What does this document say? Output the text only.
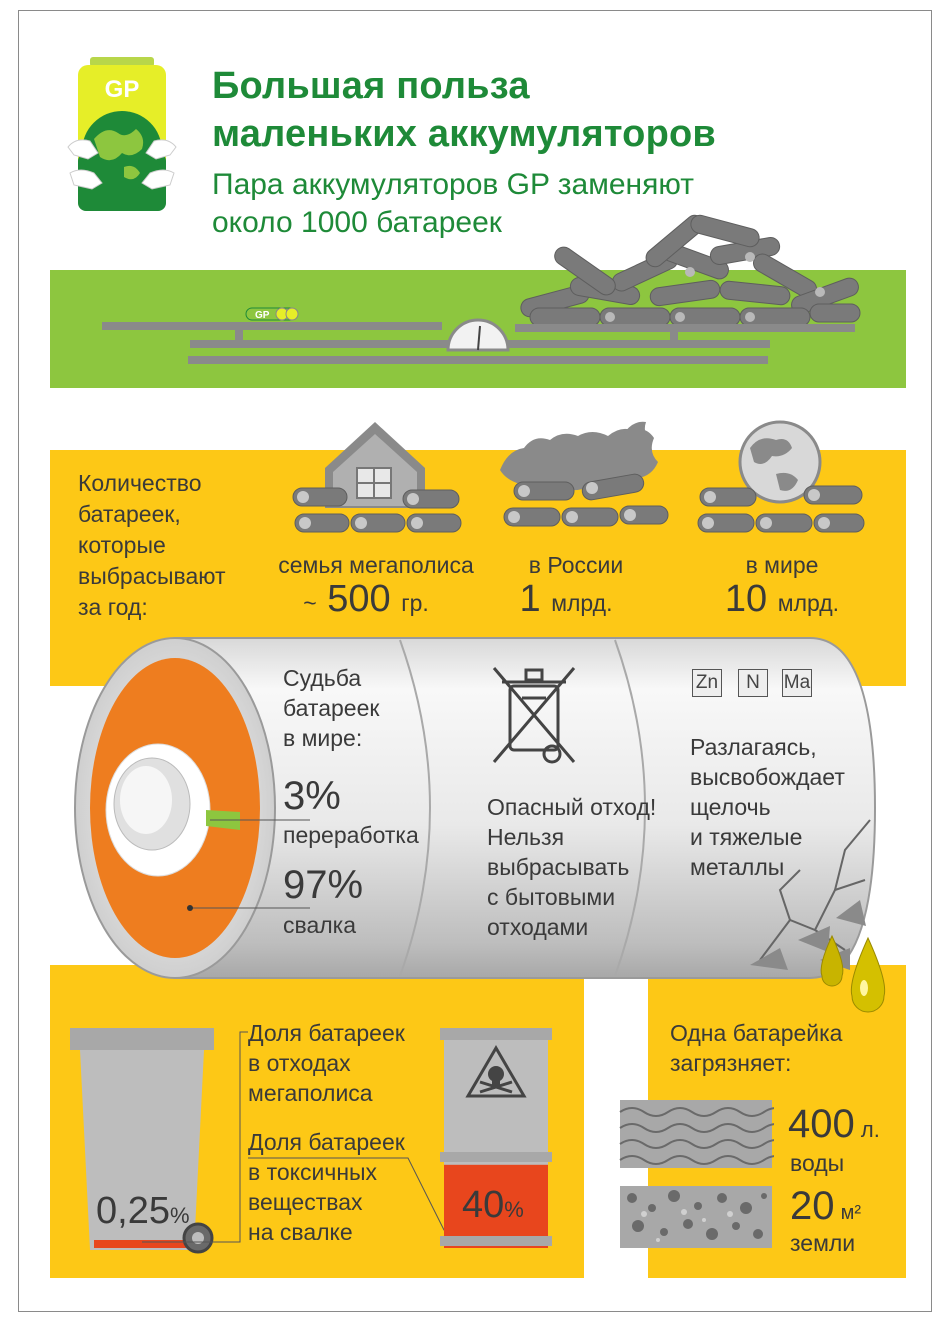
GP Большая польза
маленьких аккумуляторов
Пара аккумуляторов GP заменяют
около 1000 батареек
GP
Количество
батареек,
которые
выбрасывают
за год:
семья мегаполиса
~ 500 гр.
в России
1 млрд.
в мире
10 млрд.
Судьба
батареек
в мире:
3%
переработка
97%
свалка
Опасный отход!
Нельзя
выбрасывать
с бытовыми
отходами
Zn	N	Ma
Разлагаясь,
высвобождает
щелочь
и тяжелые
металлы
0,25%
Доля батареек
в отходах
мегаполиса
Доля батареек
в токсичных
веществах
на свалке
40%
Одна батарейка
загрязняет:
400 л.
воды
20 м²
земли
